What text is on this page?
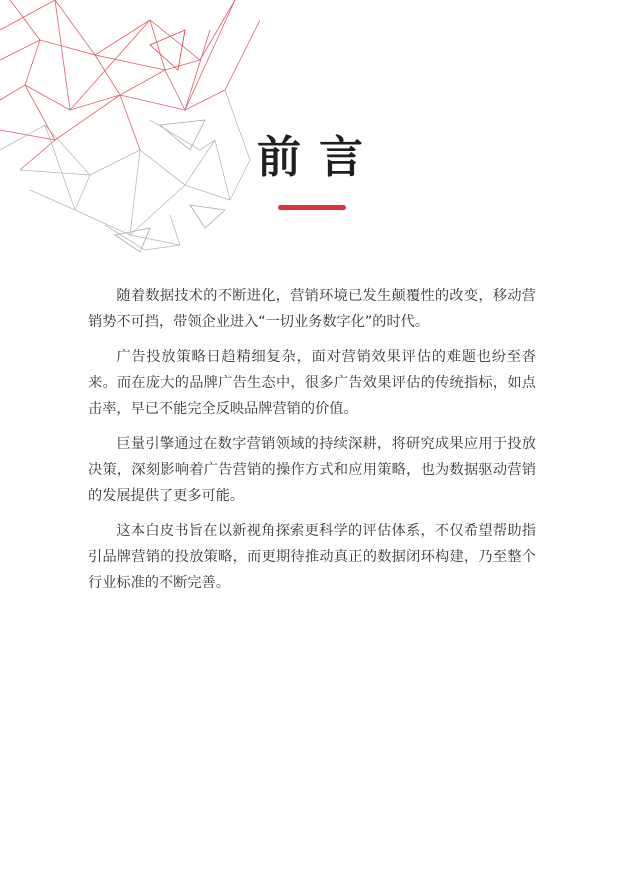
前言

随着数据技术的不断进化，营销环境已发生颠覆性的改变，移动营销势不可挡，带领企业进入“一切业务数字化”的时代。

广告投放策略日趋精细复杂，面对营销效果评估的难题也纷至沓来。而在庞大的品牌广告生态中，很多广告效果评估的传统指标，如点击率，早已不能完全反映品牌营销的价值。

巨量引擎通过在数字营销领域的持续深耕，将研究成果应用于投放决策，深刻影响着广告营销的操作方式和应用策略，也为数据驱动营销的发展提供了更多可能。

这本白皮书旨在以新视角探索更科学的评估体系，不仅希望帮助指引品牌营销的投放策略，而更期待推动真正的数据闭环构建，乃至整个行业标准的不断完善。
